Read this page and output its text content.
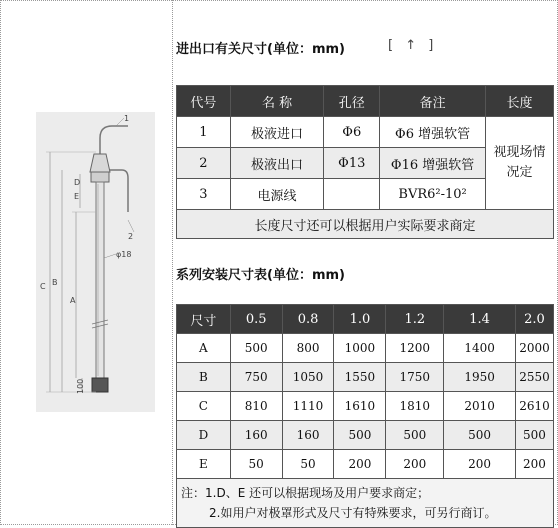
1
2
D
E
C B
A
100
φ18
进出口有关尺寸(单位：mm)	[ ↑ ]
代号	名 称	孔径	备注	长度
1	极液进口	Φ6	Φ6 增强软管	视现场情况定
2	极液出口	Φ13	Φ16 增强软管	
3	电源线		BVR6²-10²	
长度尺寸还可以根据用户实际要求商定				
系列安装尺寸表(单位：mm)
尺寸	0.5	0.8	1.0	1.2	1.4	2.0
A	500	800	1000	1200	1400	2000
B	750	1050	1550	1750	1950	2550
C	810	1110	1610	1810	2010	2610
D	160	160	500	500	500	500
E	50	50	200	200	200	200

注：1.D、E 还可以根据现场及用户要求商定；
2.如用户对极罩形式及尺寸有特殊要求，可另行商订。						
